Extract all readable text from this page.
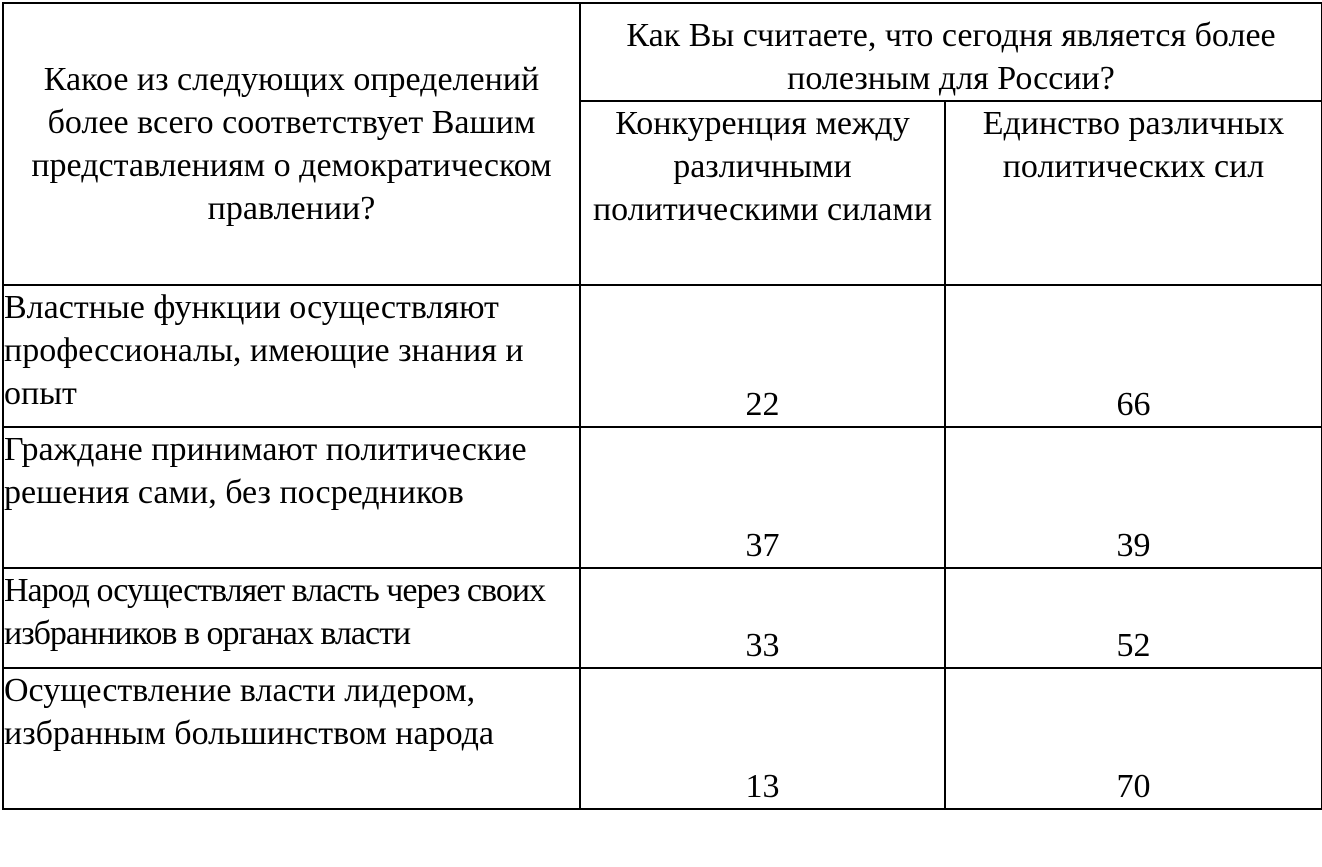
Какое из следующих определений более всего соответствует Вашим представлениям о демократическом правлении?	Как Вы считаете, что сегодня является более полезным для России?	
	Конкуренция между различными политическими силами	Единство различных политических сил
Властные функции осуществляют профессионалы, имеющие знания и опыт	22	66
Граждане принимают политические решения сами, без посредников	37	39
Народ осуществляет власть через своих избранников в органах власти	33	52
Осуществление власти лидером, избранным большинством народа	13	70
